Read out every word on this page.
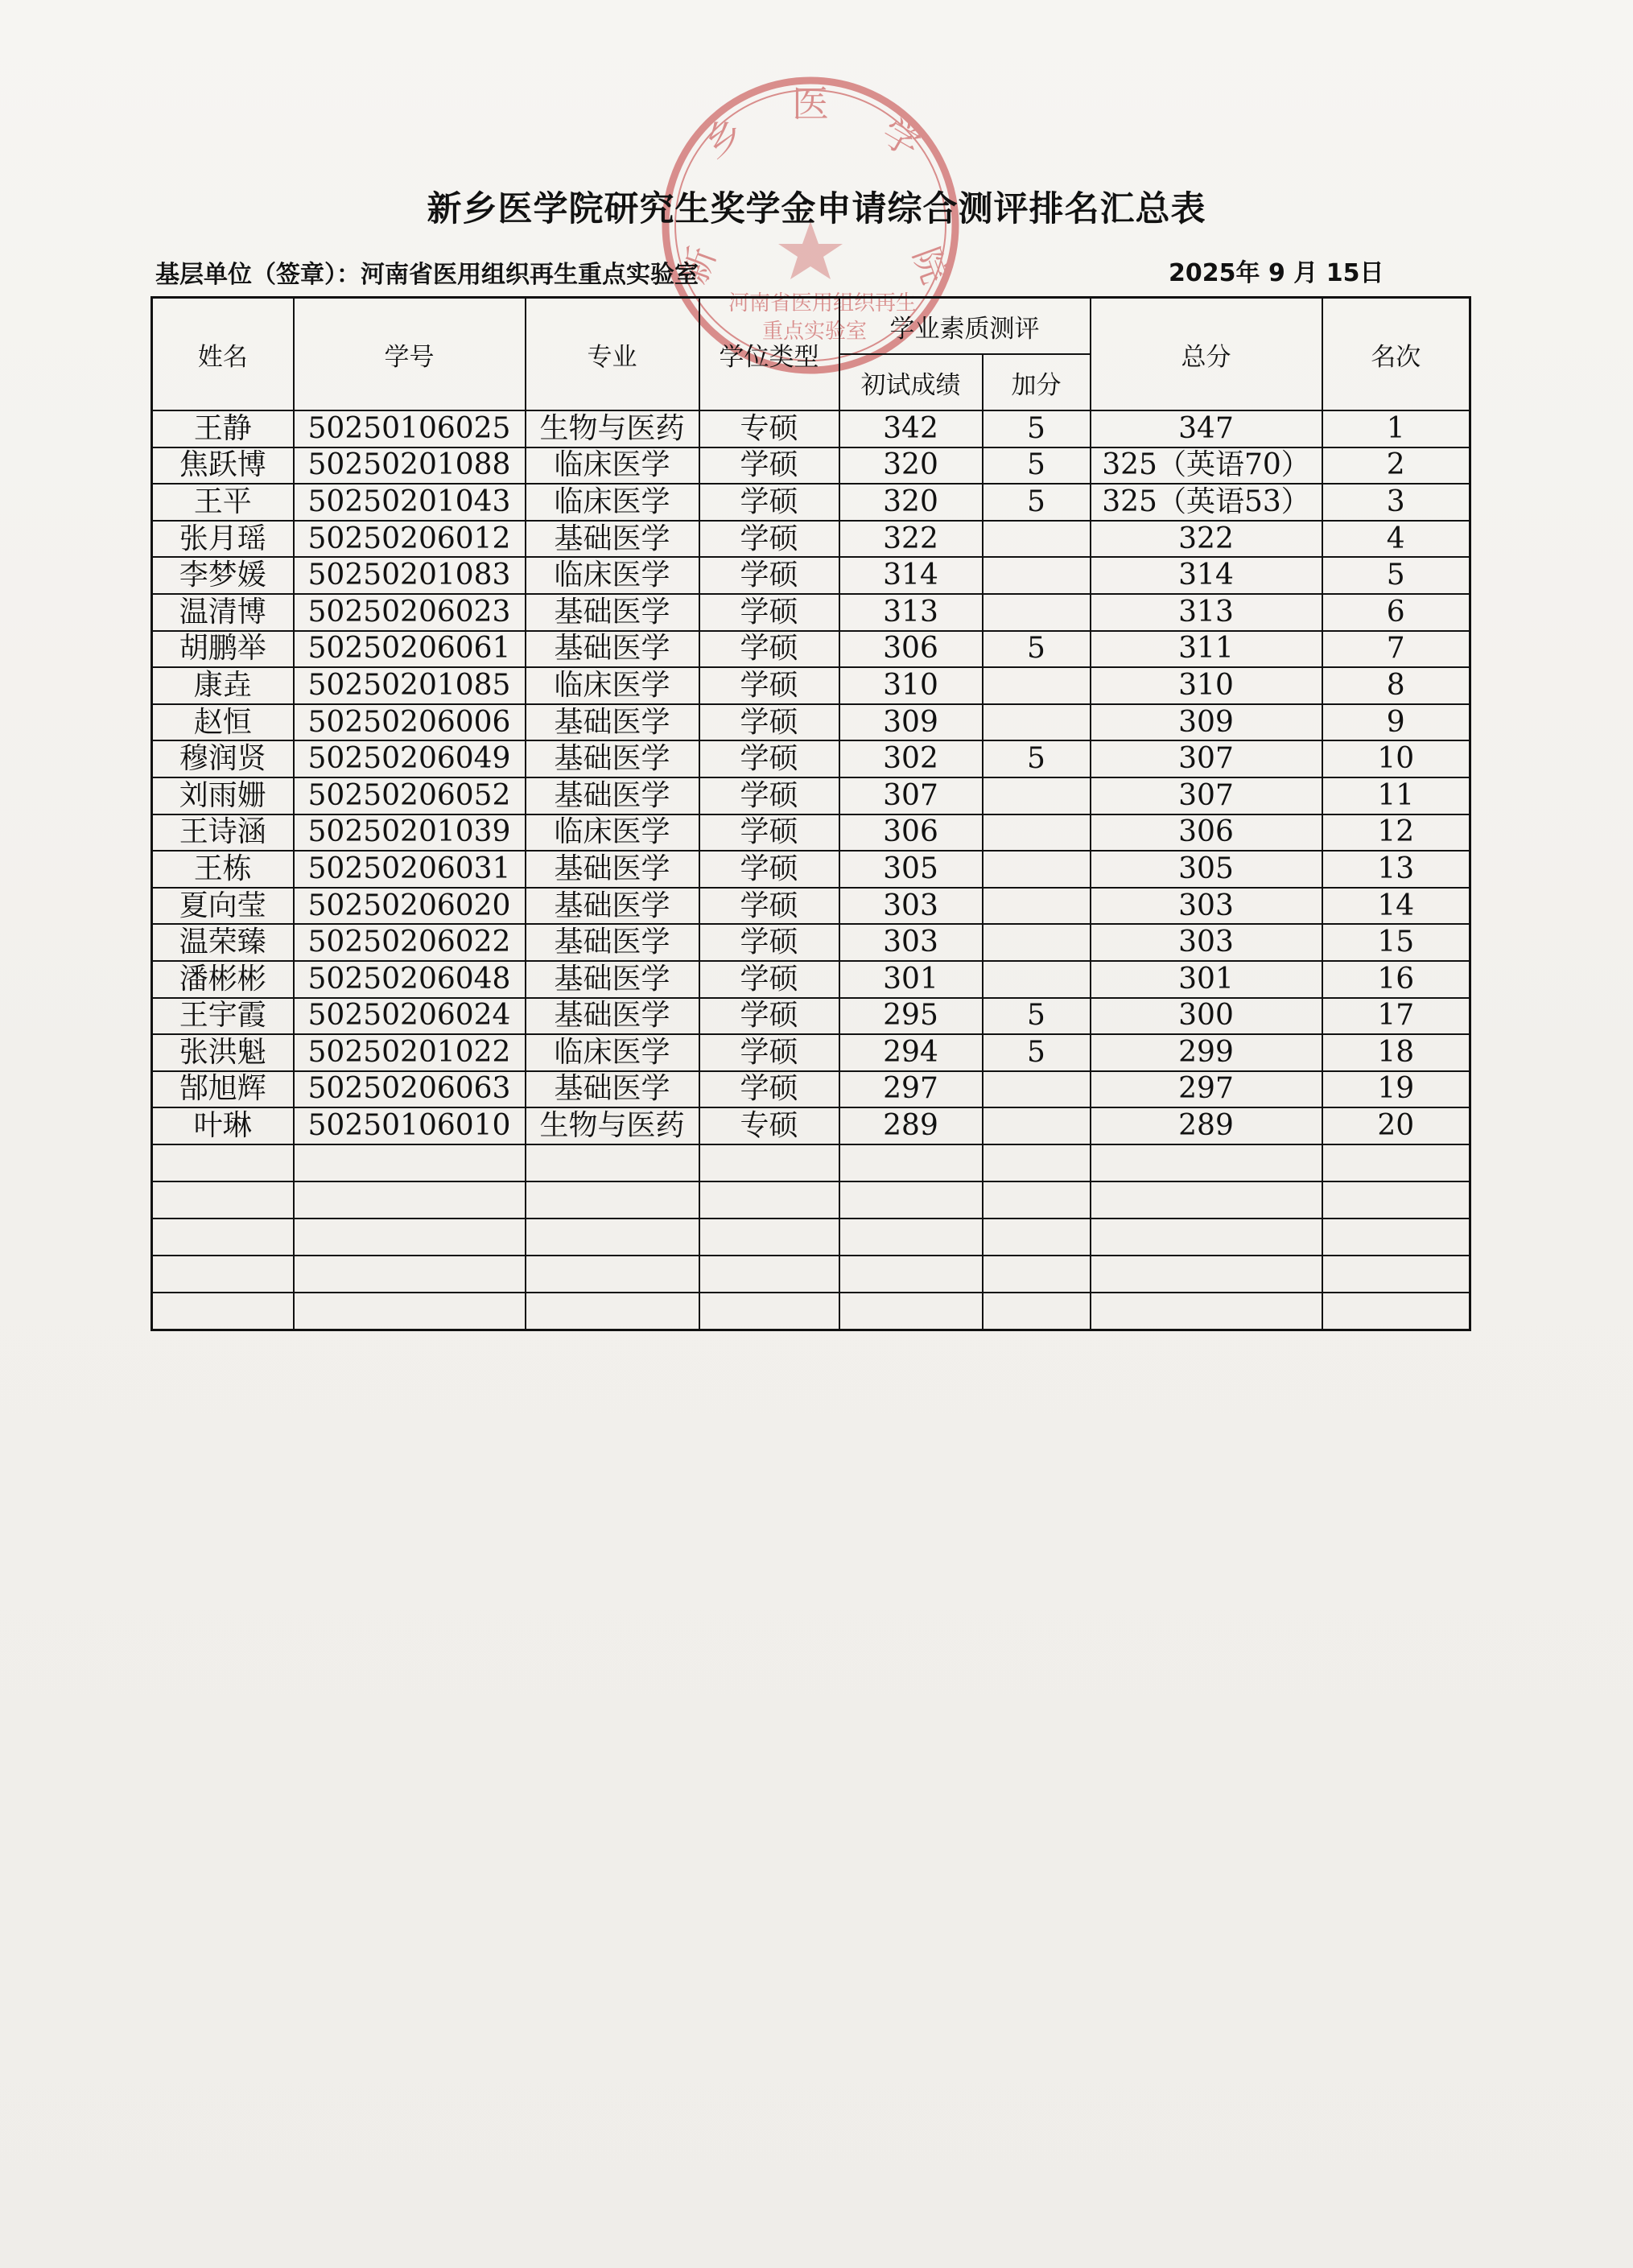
医
乡	学
院
新
河南省医用组织再生
重点实验室
新乡医学院研究生奖学金申请综合测评排名汇总表
基层单位（签章）：河南省医用组织再生重点实验室	2025年 9 月 15日
姓名	学号	专业	学位类型	学业素质测评		总分	名次
				初试成绩	加分		
王静	50250106025	生物与医药	专硕	342	5	347	1
焦跃博	50250201088	临床医学	学硕	320	5	325（英语70）	2
王平	50250201043	临床医学	学硕	320	5	325（英语53）	3
张月瑶	50250206012	基础医学	学硕	322		322	4
李梦媛	50250201083	临床医学	学硕	314		314	5
温清博	50250206023	基础医学	学硕	313		313	6
胡鹏举	50250206061	基础医学	学硕	306	5	311	7
康垚	50250201085	临床医学	学硕	310		310	8
赵恒	50250206006	基础医学	学硕	309		309	9
穆润贤	50250206049	基础医学	学硕	302	5	307	10
刘雨姗	50250206052	基础医学	学硕	307		307	11
王诗涵	50250201039	临床医学	学硕	306		306	12
王栋	50250206031	基础医学	学硕	305		305	13
夏向莹	50250206020	基础医学	学硕	303		303	14
温荣臻	50250206022	基础医学	学硕	303		303	15
潘彬彬	50250206048	基础医学	学硕	301		301	16
王宇霞	50250206024	基础医学	学硕	295	5	300	17
张洪魁	50250201022	临床医学	学硕	294	5	299	18
郜旭辉	50250206063	基础医学	学硕	297		297	19
叶琳	50250106010	生物与医药	专硕	289		289	20
